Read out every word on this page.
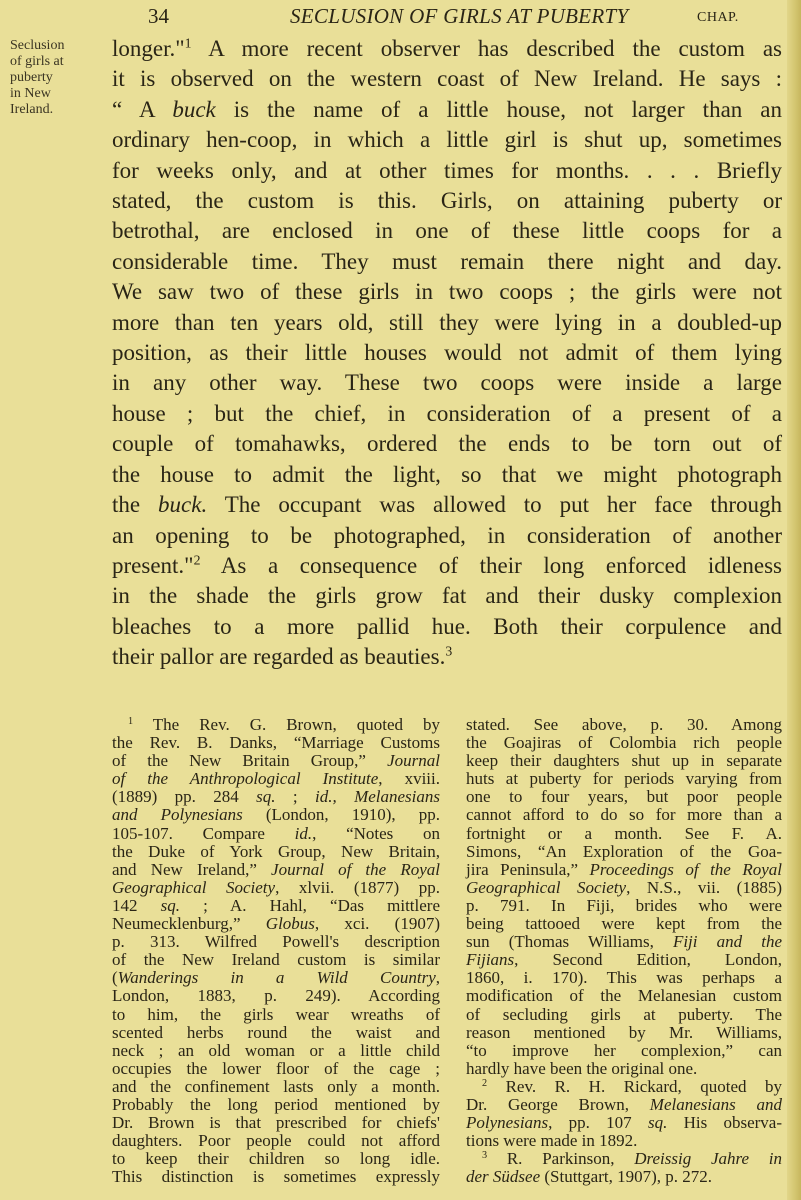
34	SECLUSION OF GIRLS AT PUBERTY	CHAP.
Seclusion
of girls at
puberty
in New
Ireland.
longer."$^1$ A more recent observer has described the custom as
it is observed on the western coast of New Ireland. He says :
“ A buck is the name of a little house, not larger than an
ordinary hen-coop, in which a little girl is shut up, sometimes
for weeks only, and at other times for months. . . . Briefly
stated, the custom is this. Girls, on attaining puberty or
betrothal, are enclosed in one of these little coops for a
considerable time. They must remain there night and day.
We saw two of these girls in two coops ; the girls were not
more than ten years old, still they were lying in a doubled-up
position, as their little houses would not admit of them lying
in any other way. These two coops were inside a large
house ; but the chief, in consideration of a present of a
couple of tomahawks, ordered the ends to be torn out of
the house to admit the light, so that we might photograph
the buck. The occupant was allowed to put her face through
an opening to be photographed, in consideration of another
present."$^2$ As a consequence of their long enforced idleness
in the shade the girls grow fat and their dusky complexion
bleaches to a more pallid hue. Both their corpulence and
their pallor are regarded as beauties.$^3$
$^1$ The Rev. G. Brown, quoted by
the Rev. B. Danks, “Marriage Customs
of the New Britain Group,” Journal
of the Anthropological Institute, xviii.
(1889) pp. 284 sq. ; id., Melanesians
and Polynesians (London, 1910), pp.
105-107. Compare id., “Notes on
the Duke of York Group, New Britain,
and New Ireland,” Journal of the Royal
Geographical Society, xlvii. (1877) pp.
142 sq. ; A. Hahl, “Das mittlere
Neumecklenburg,” Globus, xci. (1907)
p. 313. Wilfred Powell's description
of the New Ireland custom is similar
(Wanderings in a Wild Country,
London, 1883, p. 249). According
to him, the girls wear wreaths of
scented herbs round the waist and
neck ; an old woman or a little child
occupies the lower floor of the cage ;
and the confinement lasts only a month.
Probably the long period mentioned by
Dr. Brown is that prescribed for chiefs'
daughters. Poor people could not afford
to keep their children so long idle.
This distinction is sometimes expressly
stated. See above, p. 30. Among
the Goajiras of Colombia rich people
keep their daughters shut up in separate
huts at puberty for periods varying from
one to four years, but poor people
cannot afford to do so for more than a
fortnight or a month. See F. A.
Simons, “An Exploration of the Goa-
jira Peninsula,” Proceedings of the Royal
Geographical Society, N.S., vii. (1885)
p. 791. In Fiji, brides who were
being tattooed were kept from the
sun (Thomas Williams, Fiji and the
Fijians, Second Edition, London,
1860, i. 170). This was perhaps a
modification of the Melanesian custom
of secluding girls at puberty. The
reason mentioned by Mr. Williams,
“to improve her complexion,” can
hardly have been the original one.
$^2$ Rev. R. H. Rickard, quoted by
Dr. George Brown, Melanesians and
Polynesians, pp. 107 sq. His observa-
tions were made in 1892.
$^3$ R. Parkinson, Dreissig Jahre in
der Südsee (Stuttgart, 1907), p. 272.
